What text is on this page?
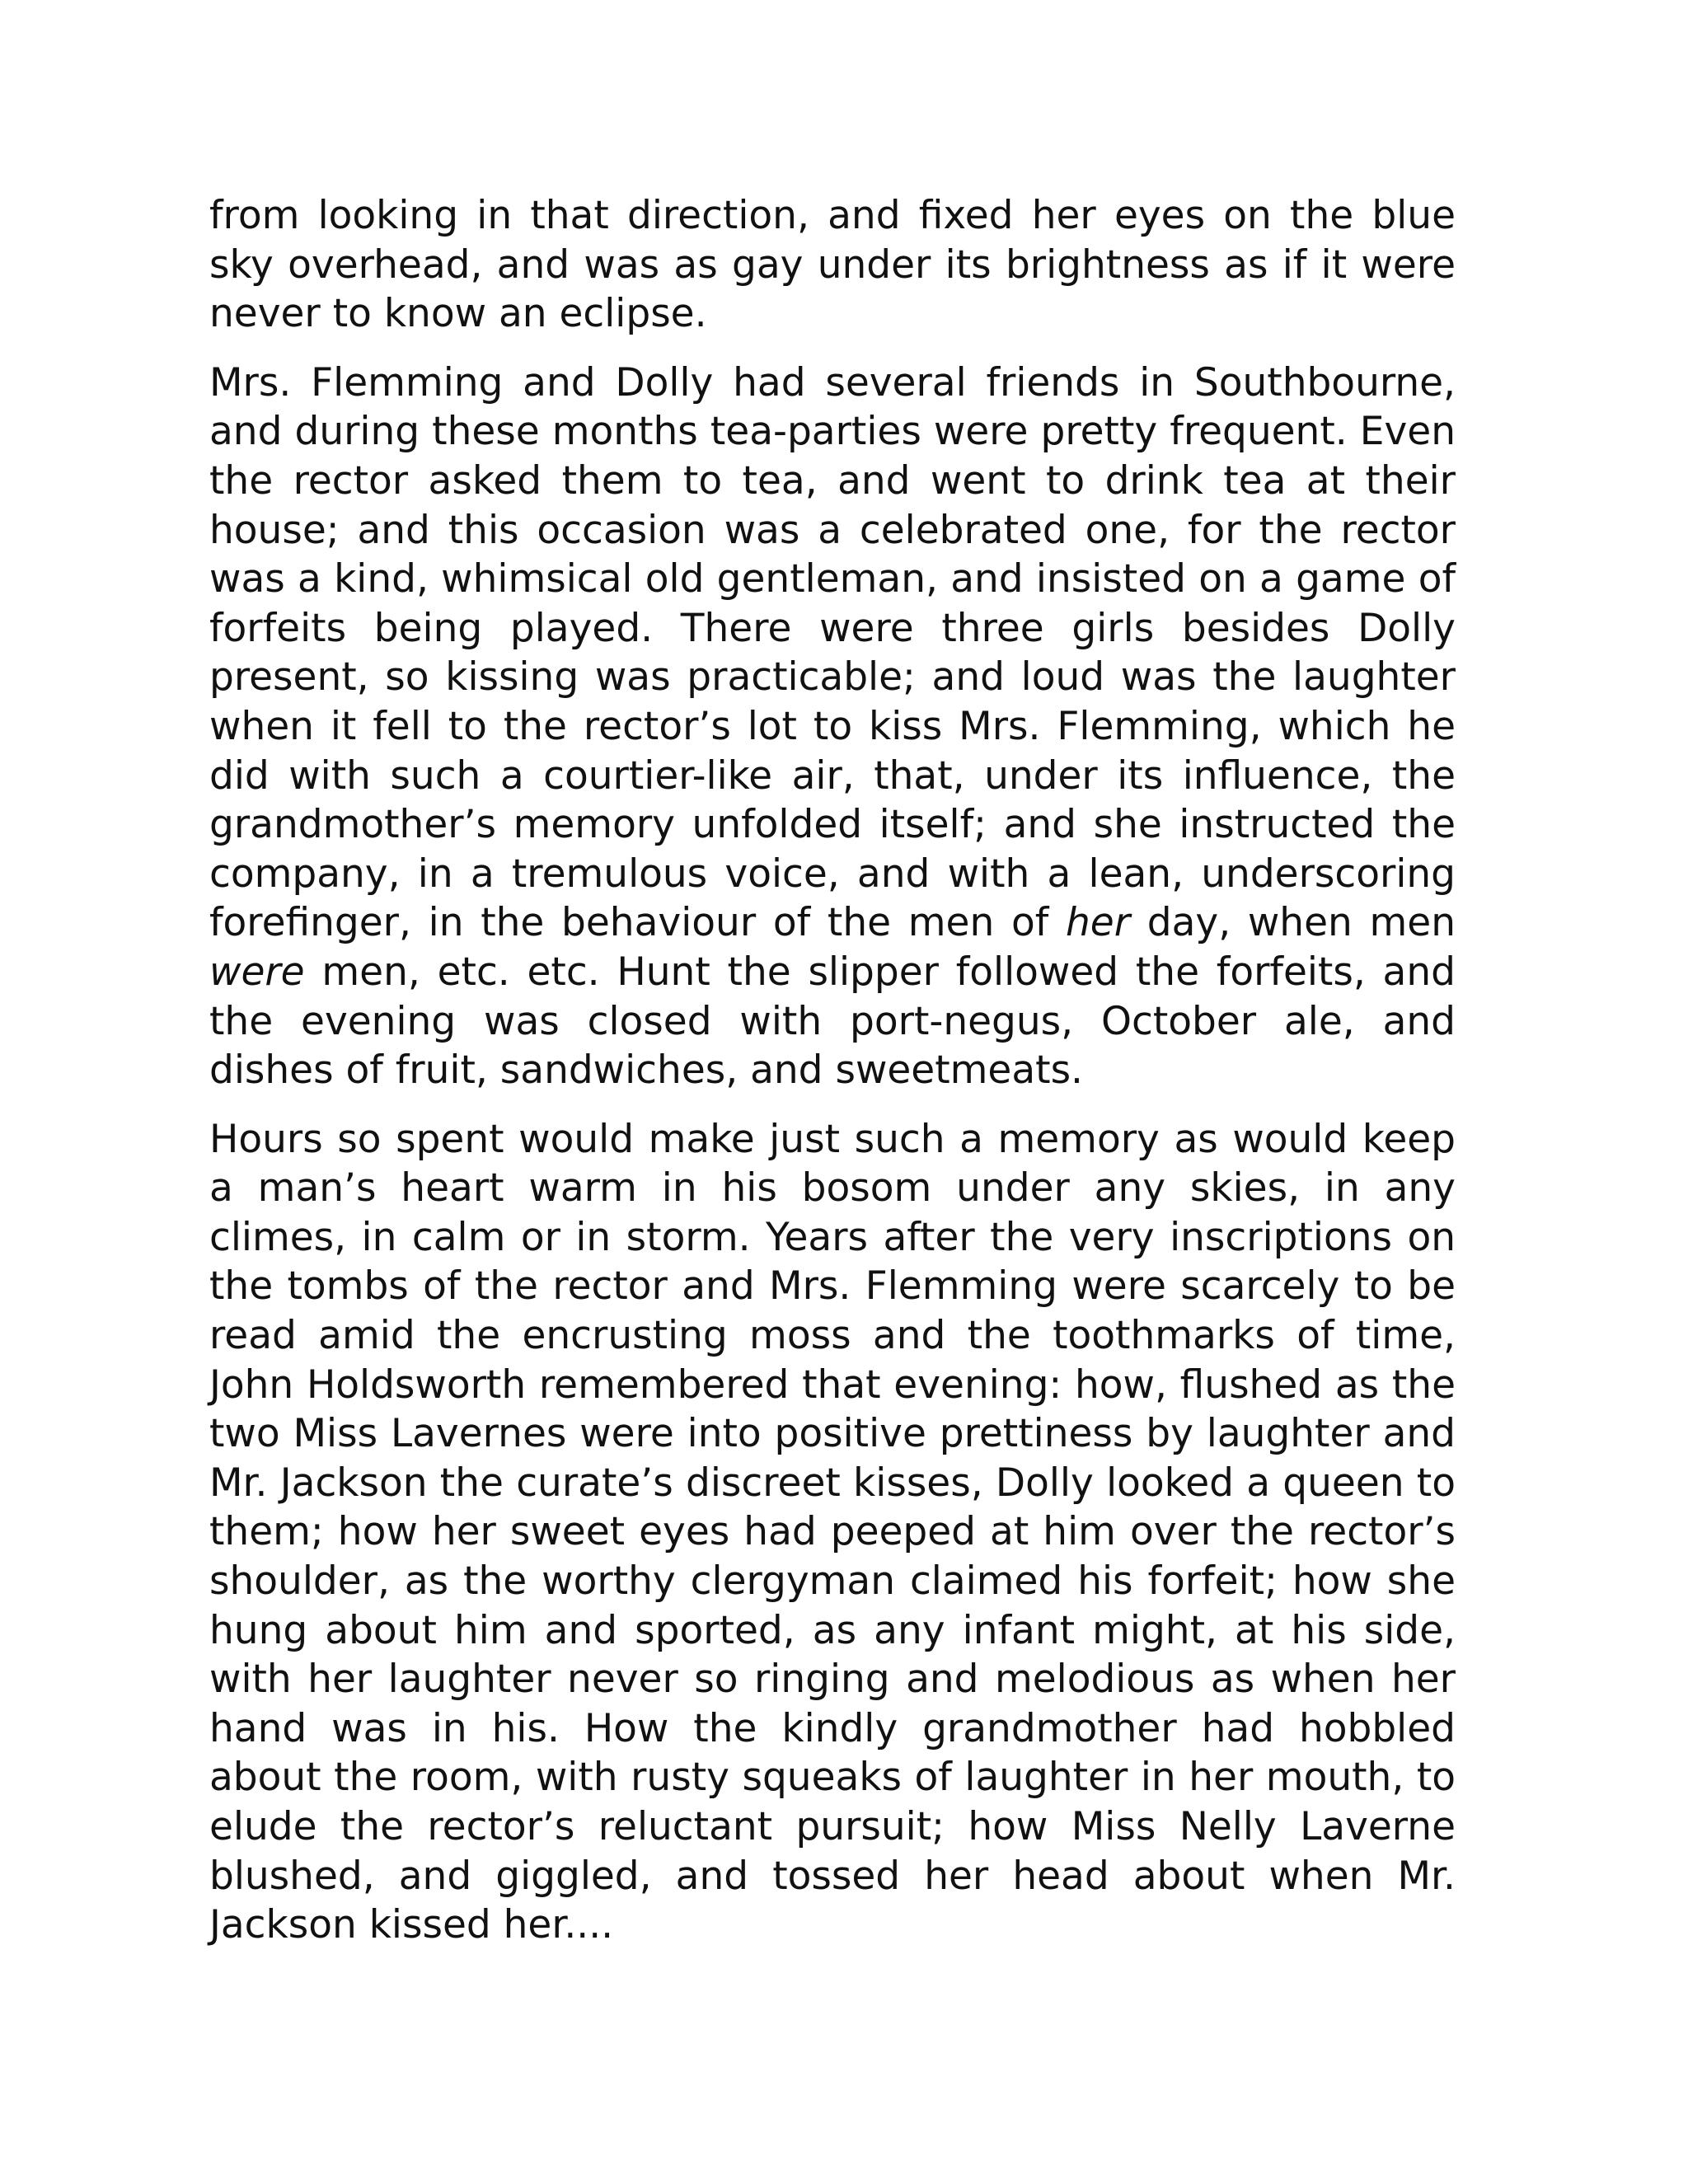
from looking in that direction, and fixed her eyes on the blue sky overhead, and was as gay under its brightness as if it were never to know an eclipse.

Mrs. Flemming and Dolly had several friends in Southbourne, and during these months tea-parties were pretty frequent. Even the rector asked them to tea, and went to drink tea at their house; and this occasion was a celebrated one, for the rector was a kind, whimsical old gentleman, and insisted on a game of forfeits being played. There were three girls besides Dolly present, so kissing was practicable; and loud was the laughter when it fell to the rector’s lot to kiss Mrs. Flemming, which he did with such a courtier-like air, that, under its influence, the grandmother’s memory unfolded itself; and she instructed the company, in a tremulous voice, and with a lean, underscoring forefinger, in the behaviour of the men of her day, when men were men, etc. etc. Hunt the slipper followed the forfeits, and the evening was closed with port-negus, October ale, and dishes of fruit, sandwiches, and sweetmeats.

Hours so spent would make just such a memory as would keep a man’s heart warm in his bosom under any skies, in any climes, in calm or in storm. Years after the very inscriptions on the tombs of the rector and Mrs. Flemming were scarcely to be read amid the encrusting moss and the toothmarks of time, John Holdsworth remembered that evening: how, flushed as the two Miss Lavernes were into positive prettiness by laughter and Mr. Jackson the curate’s discreet kisses, Dolly looked a queen to them; how her sweet eyes had peeped at him over the rector’s shoulder, as the worthy clergyman claimed his forfeit; how she hung about him and sported, as any infant might, at his side, with her laughter never so ringing and melodious as when her hand was in his. How the kindly grandmother had hobbled about the room, with rusty squeaks of laughter in her mouth, to elude the rector’s reluctant pursuit; how Miss Nelly Laverne blushed, and giggled, and tossed her head about when Mr. Jackson kissed her....
